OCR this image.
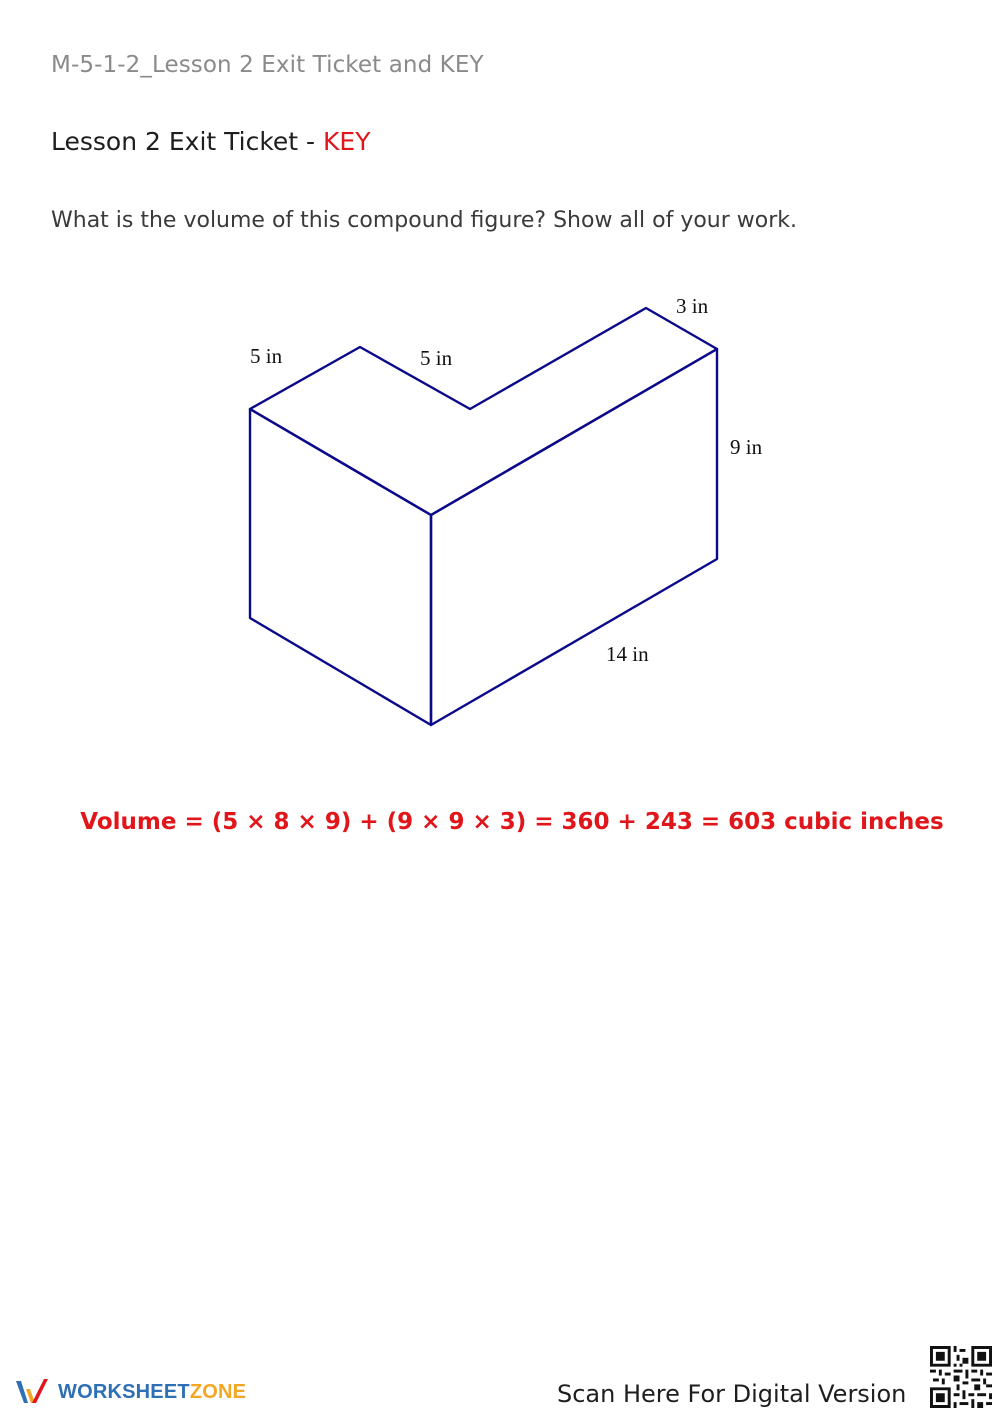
M-5-1-2_Lesson 2 Exit Ticket and KEY
Lesson 2 Exit Ticket - KEY
What is the volume of this compound figure? Show all of your work.
5 in	5 in
3 in
9 in
14 in
Volume = (5 × 8 × 9) + (9 × 9 × 3) = 360 + 243 = 603 cubic inches
WORKSHEETZONE	Scan Here For Digital Version
